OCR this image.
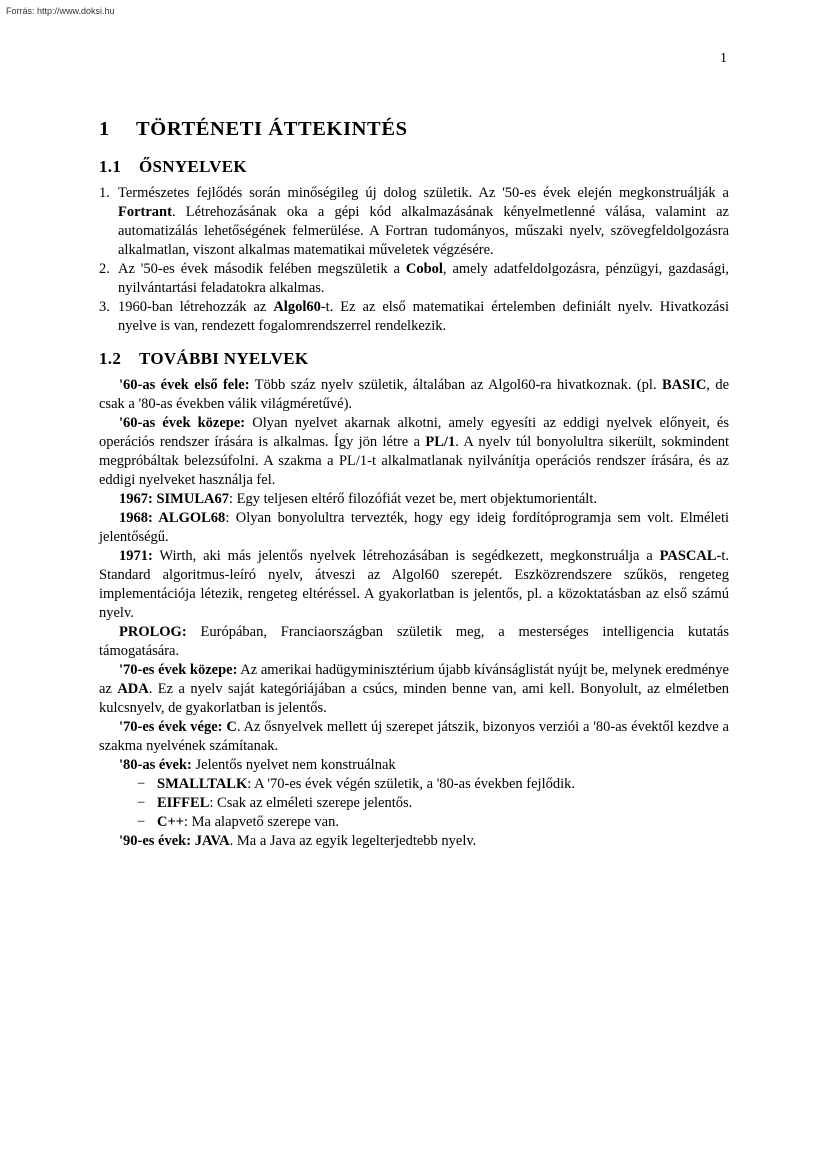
Forrás: http://www.doksi.hu
1
1 TÖRTÉNETI ÁTTEKINTÉS
1.1 ŐSNYELVEK
1. Természetes fejlődés során minőségileg új dolog születik. Az '50-es évek elején megkonstruálják a Fortrant. Létrehozásának oka a gépi kód alkalmazásának kényelmetlenné válása, valamint az automatizálás lehetőségének felmerülése. A Fortran tudományos, műszaki nyelv, szövegfeldolgozásra alkalmatlan, viszont alkalmas matematikai műveletek végzésére.
2. Az '50-es évek második felében megszületik a Cobol, amely adatfeldolgozásra, pénzügyi, gazdasági, nyilvántartási feladatokra alkalmas.
3. 1960-ban létrehozzák az Algol60-t. Ez az első matematikai értelemben definiált nyelv. Hivatkozási nyelve is van, rendezett fogalomrendszerrel rendelkezik.
1.2 TOVÁBBI NYELVEK

'60-as évek első fele: Több száz nyelv születik, általában az Algol60-ra hivatkoznak. (pl. BASIC, de csak a '80-as években válik világméretűvé).

'60-as évek közepe: Olyan nyelvet akarnak alkotni, amely egyesíti az eddigi nyelvek előnyeit, és operációs rendszer írására is alkalmas. Így jön létre a PL/1. A nyelv túl bonyolultra sikerült, sokmindent megpróbáltak belezsúfolni. A szakma a PL/1-t alkalmatlanak nyilvánítja operációs rendszer írására, és az eddigi nyelveket használja fel.

1967: SIMULA67: Egy teljesen eltérő filozófiát vezet be, mert objektumorientált.

1968: ALGOL68: Olyan bonyolultra tervezték, hogy egy ideig fordítóprogramja sem volt. Elméleti jelentőségű.

1971: Wirth, aki más jelentős nyelvek létrehozásában is segédkezett, megkonstruálja a PASCAL-t. Standard algoritmus-leíró nyelv, átveszi az Algol60 szerepét. Eszközrendszere szűkös, rengeteg implementációja létezik, rengeteg eltéréssel. A gyakorlatban is jelentős, pl. a közoktatásban az első számú nyelv.

PROLOG: Európában, Franciaországban születik meg, a mesterséges intelligencia kutatás támogatására.

'70-es évek közepe: Az amerikai hadügyminisztérium újabb kívánságlistát nyújt be, melynek eredménye az ADA. Ez a nyelv saját kategóriájában a csúcs, minden benne van, ami kell. Bonyolult, az elméletben kulcsnyelv, de gyakorlatban is jelentős.

'70-es évek vége: C. Az ősnyelvek mellett új szerepet játszik, bizonyos verziói a '80-as évektől kezdve a szakma nyelvének számítanak.

'80-as évek: Jelentős nyelvet nem konstruálnak

− SMALLTALK: A '70-es évek végén születik, a '80-as években fejlődik.
− EIFFEL: Csak az elméleti szerepe jelentős.
− C++: Ma alapvető szerepe van.

'90-es évek: JAVA. Ma a Java az egyik legelterjedtebb nyelv.
